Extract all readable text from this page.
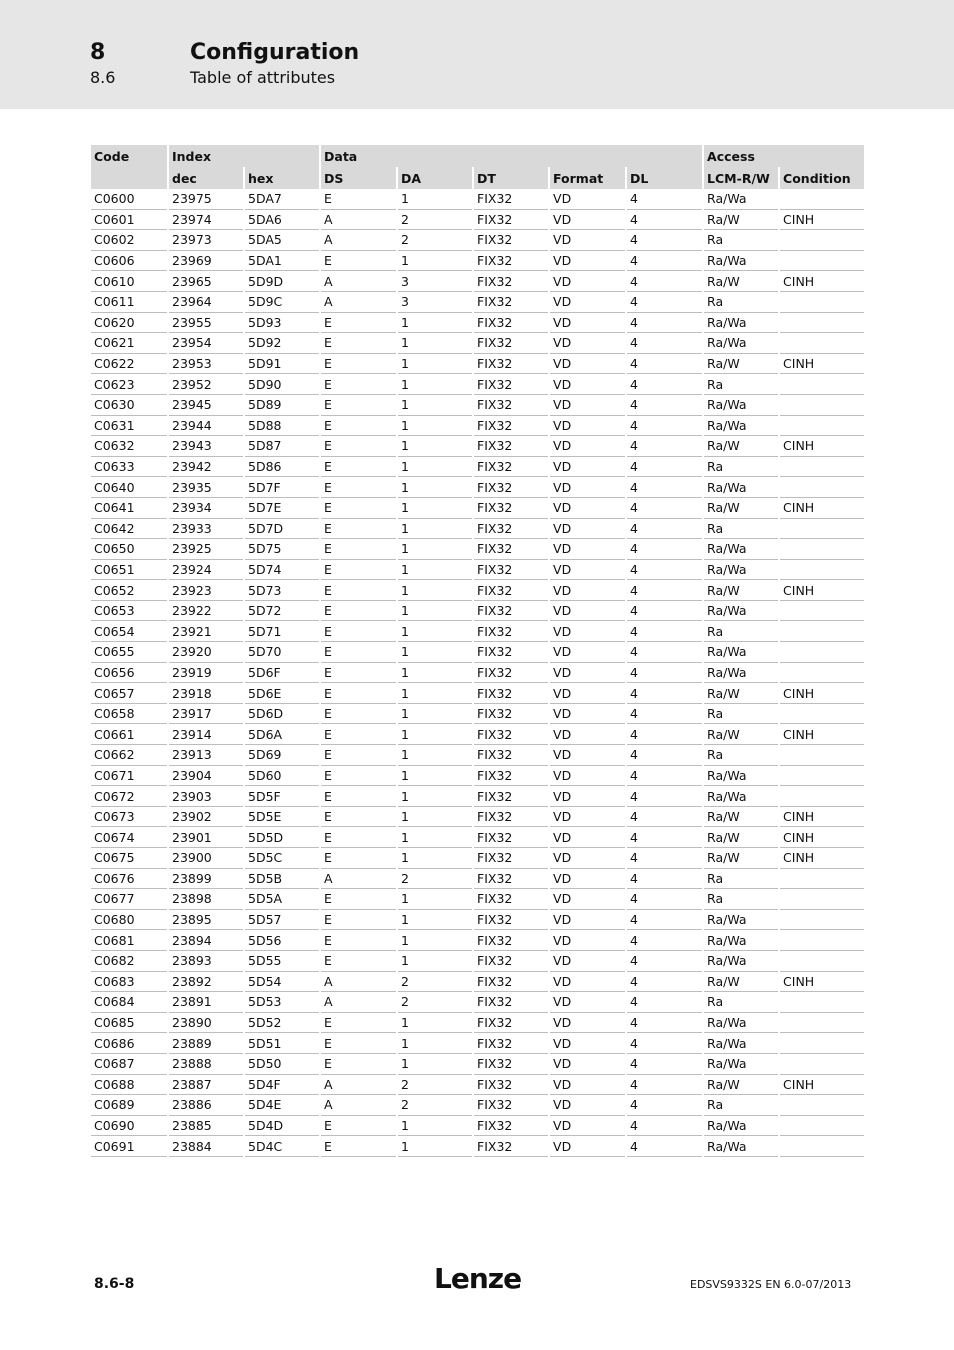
8	Configuration
8.6	Table of attributes
Code	Index		Data					Access	
	dec	hex	DS	DA	DT	Format	DL	LCM-R/W	Condition
C0600	23975	5DA7	E	1	FIX32	VD	4	Ra/Wa	
C0601	23974	5DA6	A	2	FIX32	VD	4	Ra/W	CINH
C0602	23973	5DA5	A	2	FIX32	VD	4	Ra	
C0606	23969	5DA1	E	1	FIX32	VD	4	Ra/Wa	
C0610	23965	5D9D	A	3	FIX32	VD	4	Ra/W	CINH
C0611	23964	5D9C	A	3	FIX32	VD	4	Ra	
C0620	23955	5D93	E	1	FIX32	VD	4	Ra/Wa	
C0621	23954	5D92	E	1	FIX32	VD	4	Ra/Wa	
C0622	23953	5D91	E	1	FIX32	VD	4	Ra/W	CINH
C0623	23952	5D90	E	1	FIX32	VD	4	Ra	
C0630	23945	5D89	E	1	FIX32	VD	4	Ra/Wa	
C0631	23944	5D88	E	1	FIX32	VD	4	Ra/Wa	
C0632	23943	5D87	E	1	FIX32	VD	4	Ra/W	CINH
C0633	23942	5D86	E	1	FIX32	VD	4	Ra	
C0640	23935	5D7F	E	1	FIX32	VD	4	Ra/Wa	
C0641	23934	5D7E	E	1	FIX32	VD	4	Ra/W	CINH
C0642	23933	5D7D	E	1	FIX32	VD	4	Ra	
C0650	23925	5D75	E	1	FIX32	VD	4	Ra/Wa	
C0651	23924	5D74	E	1	FIX32	VD	4	Ra/Wa	
C0652	23923	5D73	E	1	FIX32	VD	4	Ra/W	CINH
C0653	23922	5D72	E	1	FIX32	VD	4	Ra/Wa	
C0654	23921	5D71	E	1	FIX32	VD	4	Ra	
C0655	23920	5D70	E	1	FIX32	VD	4	Ra/Wa	
C0656	23919	5D6F	E	1	FIX32	VD	4	Ra/Wa	
C0657	23918	5D6E	E	1	FIX32	VD	4	Ra/W	CINH
C0658	23917	5D6D	E	1	FIX32	VD	4	Ra	
C0661	23914	5D6A	E	1	FIX32	VD	4	Ra/W	CINH
C0662	23913	5D69	E	1	FIX32	VD	4	Ra	
C0671	23904	5D60	E	1	FIX32	VD	4	Ra/Wa	
C0672	23903	5D5F	E	1	FIX32	VD	4	Ra/Wa	
C0673	23902	5D5E	E	1	FIX32	VD	4	Ra/W	CINH
C0674	23901	5D5D	E	1	FIX32	VD	4	Ra/W	CINH
C0675	23900	5D5C	E	1	FIX32	VD	4	Ra/W	CINH
C0676	23899	5D5B	A	2	FIX32	VD	4	Ra	
C0677	23898	5D5A	E	1	FIX32	VD	4	Ra	
C0680	23895	5D57	E	1	FIX32	VD	4	Ra/Wa	
C0681	23894	5D56	E	1	FIX32	VD	4	Ra/Wa	
C0682	23893	5D55	E	1	FIX32	VD	4	Ra/Wa	
C0683	23892	5D54	A	2	FIX32	VD	4	Ra/W	CINH
C0684	23891	5D53	A	2	FIX32	VD	4	Ra	
C0685	23890	5D52	E	1	FIX32	VD	4	Ra/Wa	
C0686	23889	5D51	E	1	FIX32	VD	4	Ra/Wa	
C0687	23888	5D50	E	1	FIX32	VD	4	Ra/Wa	
C0688	23887	5D4F	A	2	FIX32	VD	4	Ra/W	CINH
C0689	23886	5D4E	A	2	FIX32	VD	4	Ra	
C0690	23885	5D4D	E	1	FIX32	VD	4	Ra/Wa	
C0691	23884	5D4C	E	1	FIX32	VD	4	Ra/Wa	
8.6-8	Lenze	EDSVS9332S EN 6.0-07/2013
